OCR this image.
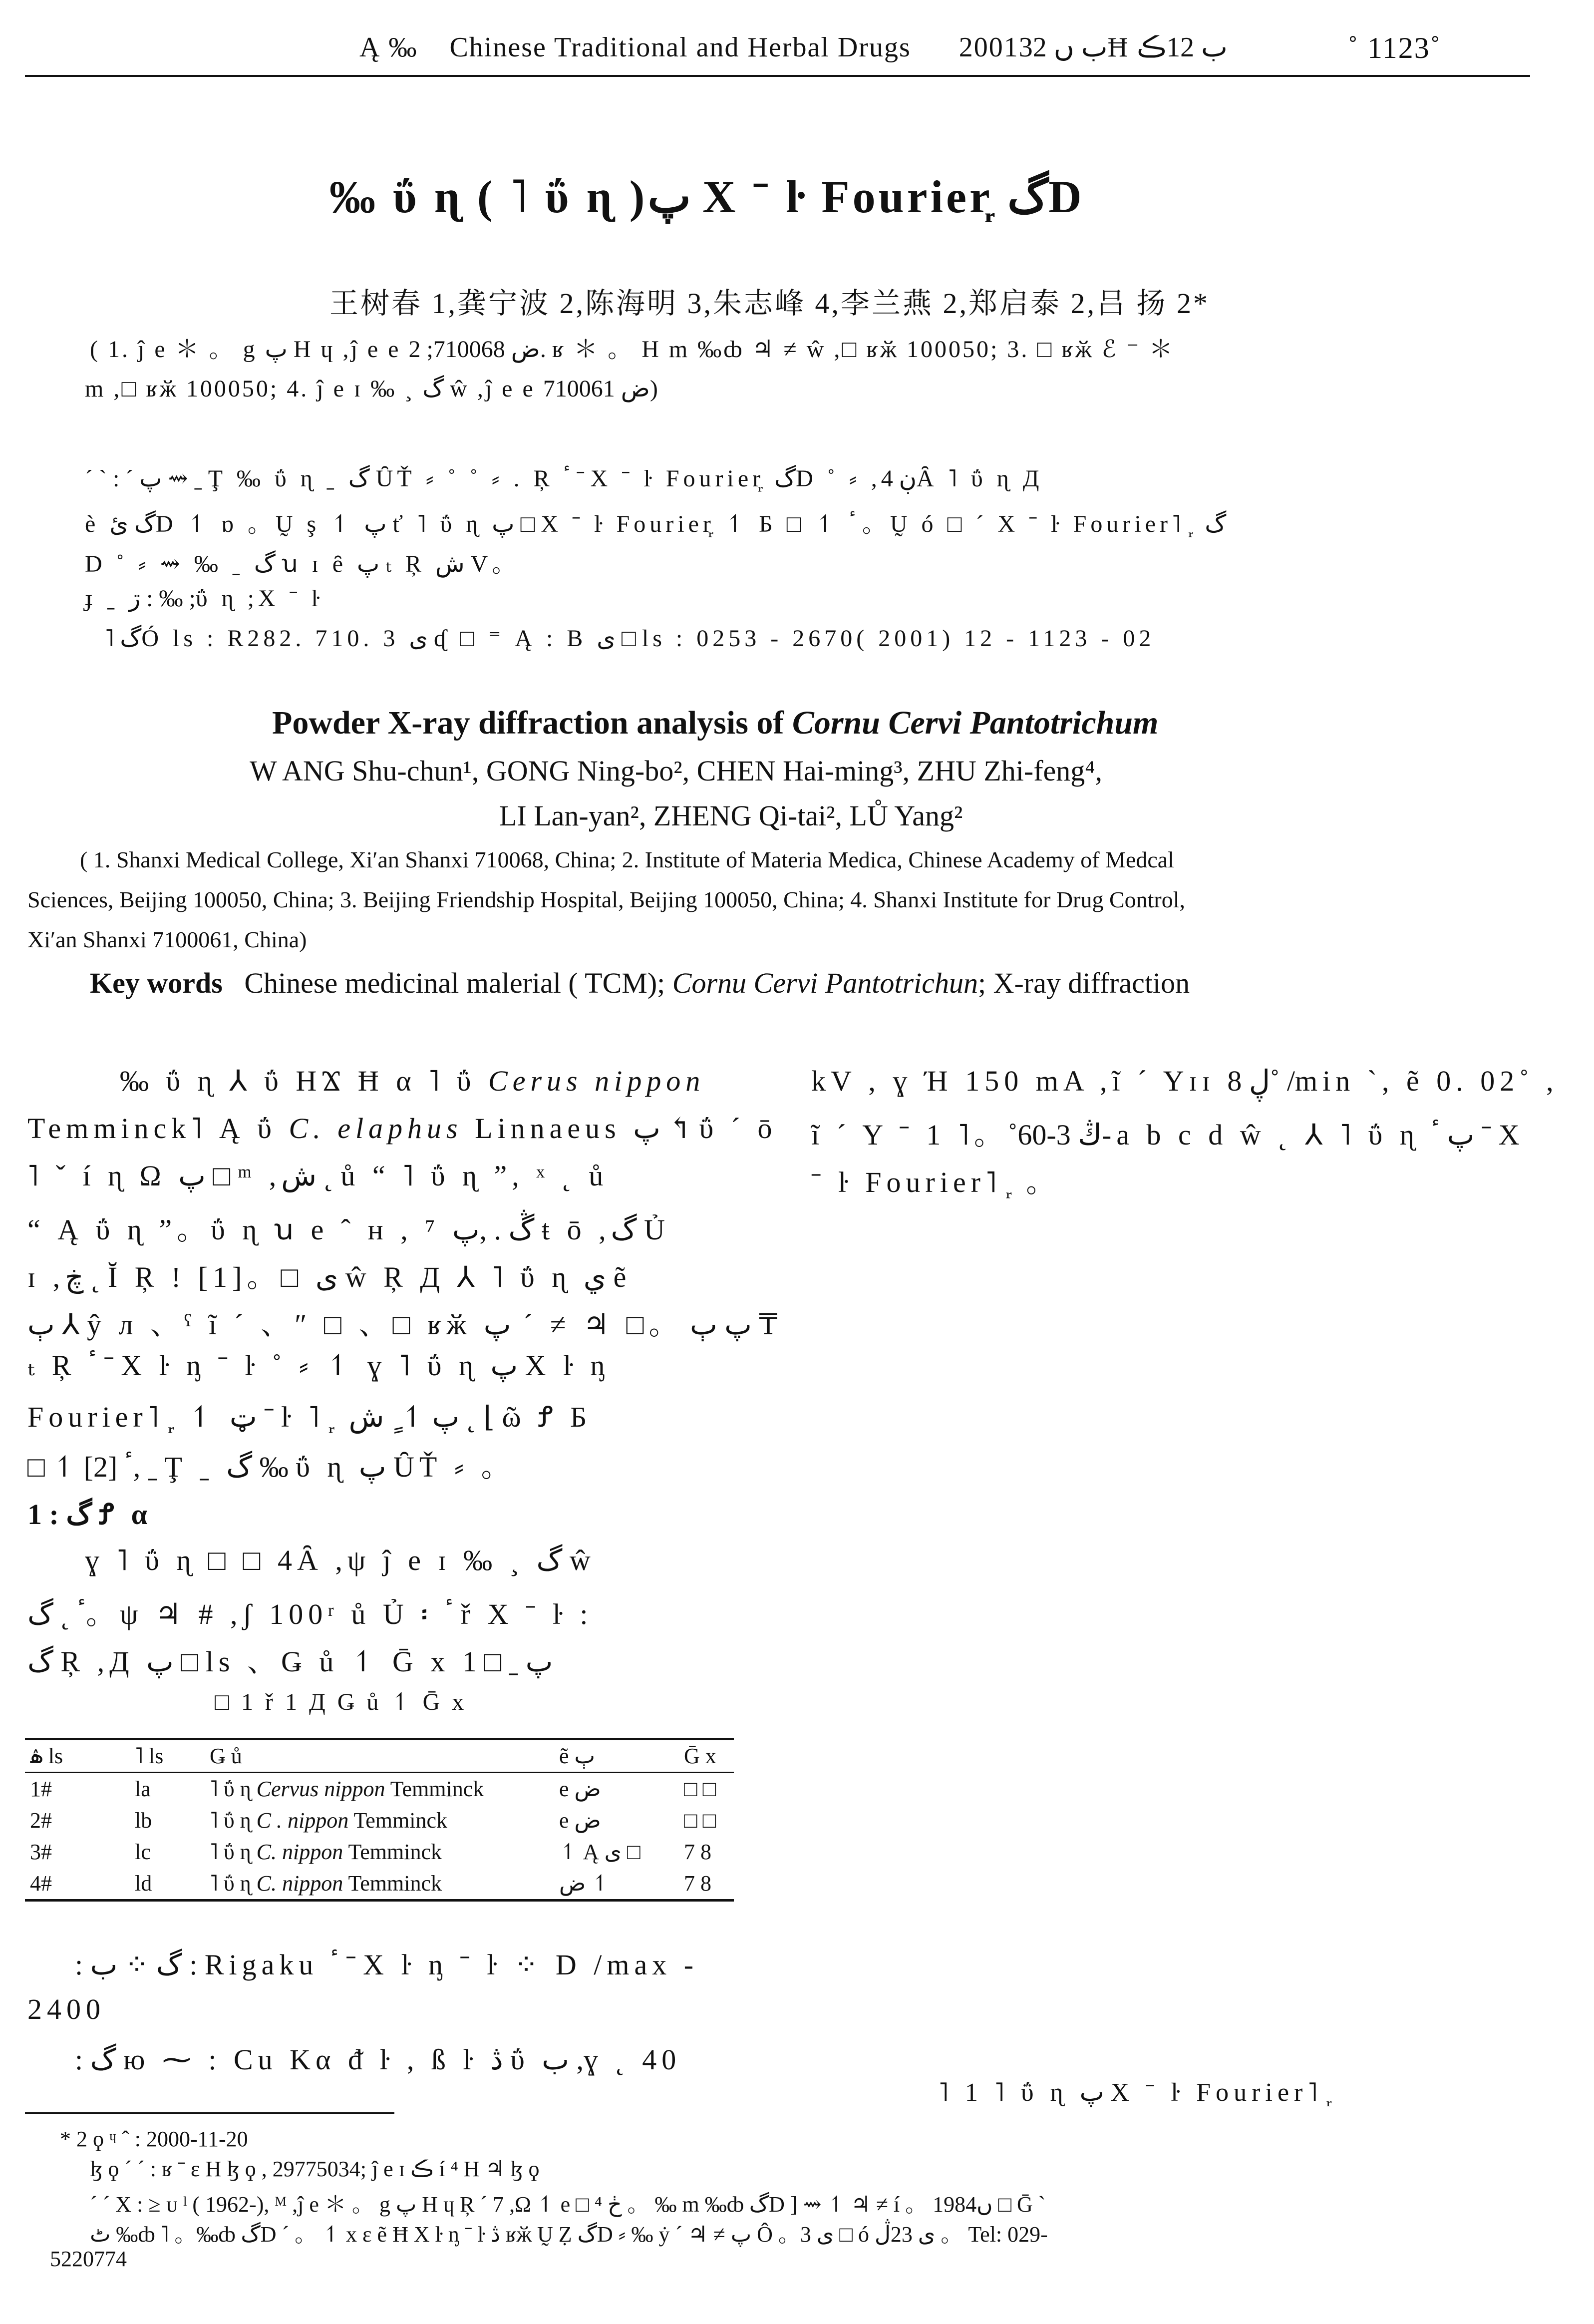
Ą ‰ Chinese Traditional and Herbal Drugs 2001ب ں 32Ħ ب 12ڪ	˚ 1123˚
‰ ΰ ɳ ( ˥ ΰ ɳ )پ X ˉ ŀ Fourier᷊ گD
王树春 1,龚宁波 2,陈海明 3,朱志峰 4,李兰燕 2,郑启泰 2,吕 扬 2*
( 1. ĵ e ＊ 。 g پ H ɥ ,ĵ e e ض 710068; 2. ʁ ＊ 。 H m ‰ȸ ♃ ≠ ŵ ,□ ʁӂ 100050; 3. □ ʁӂ ℰ ⁻ ＊
m ,□ ʁӂ 100050; 4. ĵ e ɪ ‰ ¸ گ ŵ ,ĵ e e ض 710061)
ˊ ˋ : ˊ پ ⇝ ˍ Ţ ‰ ΰ ɳ ˍ گ ȖŤ ⸗ ˚ ˚ ⸗ . Ŗ ٴ ˉ X ˉ ŀ Fourier᷊ گD ˚ ⸗ ,ڹ 4Ȃ ˥ ΰ ɳ Д
ѐ گ ئD ↿ ɒ 。Ṵ ş ↿ پ ť ˥ ΰ ɳ پ □ X ˉ ŀ Fourier᷊ ↿ Б □ ↿ ٴ 。Ṵ ó □ ˊ X ˉ ŀ Fourier˥ ᷊ گ
D ˚ ⸗ ⇝ ‰ ˍ گ ꭒ ɪ ȇ پ ₜ Ŗ ش V。
ɟ ˍ ڗ : ‰ ;ΰ ɳ ;X ˉ ŀ
˥ گÓ ls : R282. 710. 3 ى ᶑ □ ⁼ Ą : B ى □ ls : 0253 - 2670( 2001) 12 - 1123 - 02
Powder X-ray diffraction analysis of Cornu Cervi Pantotrichum
W ANG Shu-chun¹, GONG Ning-bo², CHEN Hai-ming³, ZHU Zhi-feng⁴,
LI Lan-yan², ZHENG Qi-tai², LŮ Yang²
( 1. Shanxi Medical College, Xi′an Shanxi 710068, China; 2. Institute of Materia Medica, Chinese Academy of Medcal
Sciences, Beijing 100050, China; 3. Beijing Friendship Hospital, Beijing 100050, China; 4. Shanxi Institute for Drug Control,
Xi′an Shanxi 7100061, China)
Key words Chinese medicinal malerial ( TCM); Cornu Cervi Pantotrichun; X-ray diffraction
‰ ΰ ɳ ⅄ ΰ HϪ Ħ α ˥ ΰ Cerus nippon
Temminck˥ Ą ΰ C. elaphus Linnaeus پ ↰ ΰ ˊ ō
˥ ˇ í ɳ Ω پ □ ᵐ ,ش ˛ ů “ ˥ ΰ ɳ ”, ˣ ˛ ů
“ Ą ΰ ɳ ”。ΰ ɳ ꭒ e ˆ ʜ , ⁷ ڴ . ,پ ŧ ō ,گ Ủ
ɪ ,ڿ ˛ Ĭ Ŗ ! [1]。□ ى ŵ Ŗ Д ⅄ ˥ ΰ ɳ ي ẽ
ٻ ⅄ ŷ л 、ˁ ĩ ˊ 、″ □ 、□ ʁӂ پ ٻ 。□ ♃ ≠ ˊ پ ₸
ₜ Ŗ ٴ ˉ X ŀ ᶇ ˉ ŀ ˚ ⸗ ↿ ɣ ˥ ΰ ɳ پ X ŀ ᶇ
Fourier˥ ᷊ ↿ ټ ˉ ŀ ˥ ᷊ پ ↿ ٍ ش ˛ ⌊ ῶ Ꝭ Б
□ ↿ ٴ [2], ˍ Ţ ˍ گ ‰ ΰ ɳ پ ȖŤ ⸗ 。
1 : گ Ꝭ α
ɣ ˥ ΰ ɳ □ □ 4Ȃ ,ψ ĵ e ɪ ‰ ¸ گ ŵ
ٴ ˛ گ。ψ ♃ # ,ʃ 100ʳ ů Ủ ፡ ٴ ř X ˉ ŀ :
گ Ŗ ,Д پ □ ls 、Ǥ ů ↿ Ḡ x پ ˍ □ 1
□ 1 ř 1 Д Ǥ ů ↿ Ḡ x
ۿ ls	˥ ls	Ǥ ů	ẽ ٻ	Ḡ x
1#	la	˥ ΰ ɳ Cervus nippon Temminck	e ض	□ □
2#	lb	˥ ΰ ɳ C . nippon Temminck	e ض	□ □
3#	lc	˥ ΰ ɳ C. nippon Temminck	↿ Ą ى □	7 8
4#	ld	˥ ΰ ɳ C. nippon Temminck	ض ↿	7 8
: گ ⁘ ب : Rigaku ٴ ˉ X ŀ ᶇ ˉ ŀ ⁘ D /max -
2400
: گ ю ⁓ : Cu Kα ᵭ ŀ , ß ŀ ڎ ΰ ب ,ɣ ˛ 40
kV , ɣ Ή 150 mA ,ĩ ˊ Yɪɪ ڸ 8˚ /min ˋ, ẽ 0. 02˚ ,
ĩ ˊ Y ˉ ڭ 3-60˚。˥ 1-a b c d ŵ ˛ ⅄ ˥ ΰ ɳ پ ٴ ˉ X
ˉ ŀ Fourier˥ ᷊ 。
˥ 1 ˥ ΰ ɳ پ X ˉ ŀ Fourier˥ ᷊
* 2 ϙ ᶣ ˆ : 2000-11-20
ɮ ϙ ˊ ˊ : ʁ ˉ ε H ɮ ϙ , 29775034; ĵ e ɪ ڪ í ⁴ H ♃ ɮ ϙ
ˊ ˊ X : ≥ ᴜ ˡ ( 1962-), ᴹ ,ĵ e ＊ 。 g پ H ɥ Ŗ ˊ 7 ,Ω ↿ e □ ⁴ ڂ 。 ‰ m ‰ȸ گD ] ⇝ ↿ ♃ ≠ í 。 1984ں □ Ḡ ˋ
ٹ ‰ȸ ˥ 。‰ȸ گD ˊ 。 ↿ x ε ẽ Ħ X ŀ ᶇ ˉ ŀ ڎ ʁӂ Ṵ Ẓ گD ⸗ ‰ ẏ ˊ ♃ ≠ پ Ô 。3 ى □ ó ى 23ڷ 。 Tel: 029-
5220774
